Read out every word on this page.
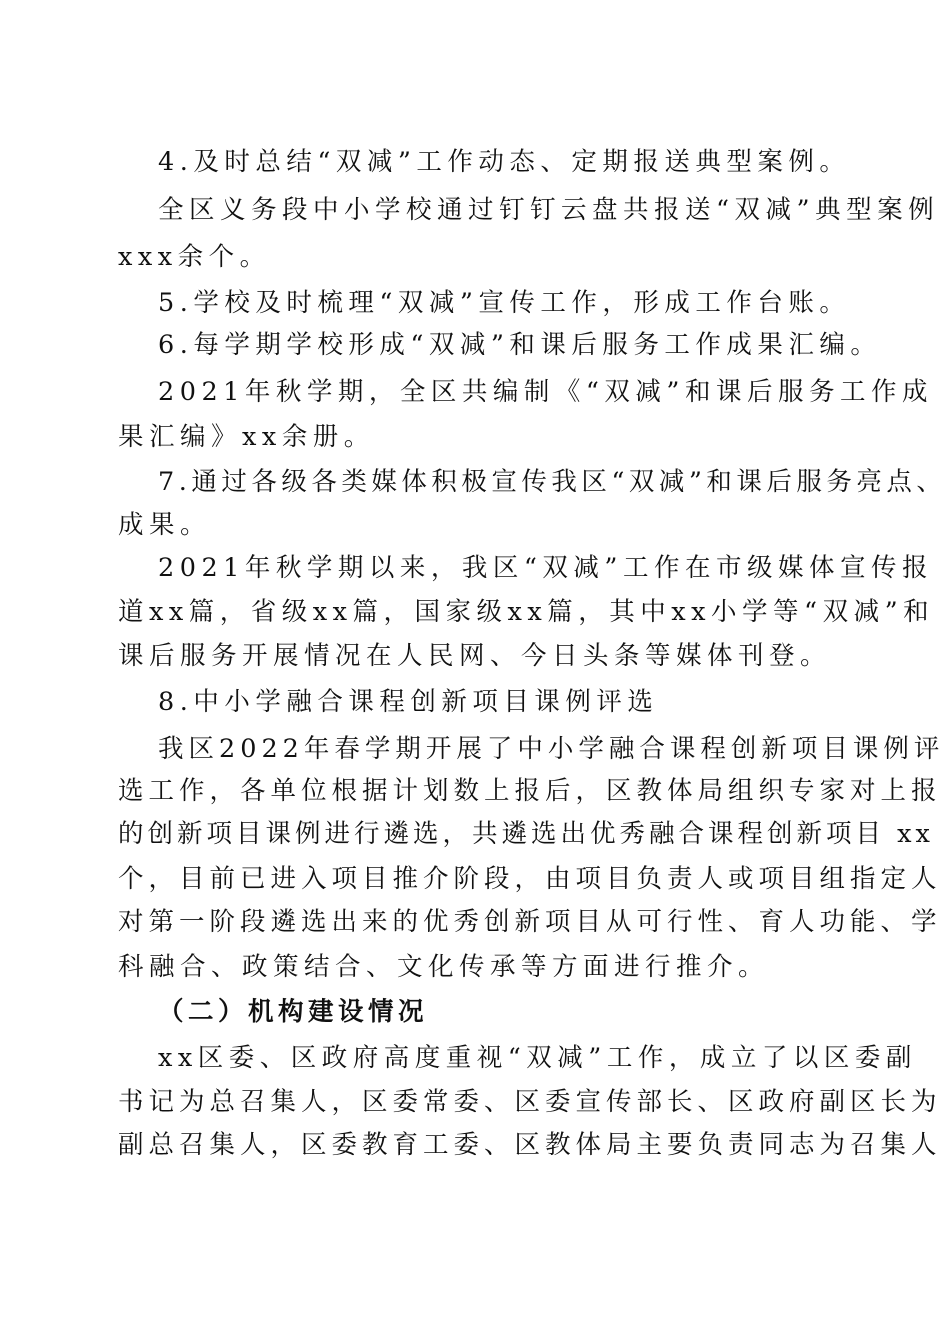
4.及时总结“双减”工作动态、定期报送典型案例。
全区义务段中小学校通过钉钉云盘共报送“双减”典型案例
xxx余个。
5.学校及时梳理“双减”宣传工作，形成工作台账。
6.每学期学校形成“双减”和课后服务工作成果汇编。
2021年秋学期，全区共编制《“双减”和课后服务工作成
果汇编》xx余册。
7.通过各级各类媒体积极宣传我区“双减”和课后服务亮点、
成果。
2021年秋学期以来，我区“双减”工作在市级媒体宣传报
道xx篇，省级xx篇，国家级xx篇，其中xx小学等“双减”和
课后服务开展情况在人民网、今日头条等媒体刊登。
8.中小学融合课程创新项目课例评选
我区2022年春学期开展了中小学融合课程创新项目课例评
选工作，各单位根据计划数上报后，区教体局组织专家对上报
的创新项目课例进行遴选，共遴选出优秀融合课程创新项目 xx
个，目前已进入项目推介阶段，由项目负责人或项目组指定人
对第一阶段遴选出来的优秀创新项目从可行性、育人功能、学
科融合、政策结合、文化传承等方面进行推介。
（二）机构建设情况
xx区委、区政府高度重视“双减”工作，成立了以区委副
书记为总召集人，区委常委、区委宣传部长、区政府副区长为
副总召集人，区委教育工委、区教体局主要负责同志为召集人
